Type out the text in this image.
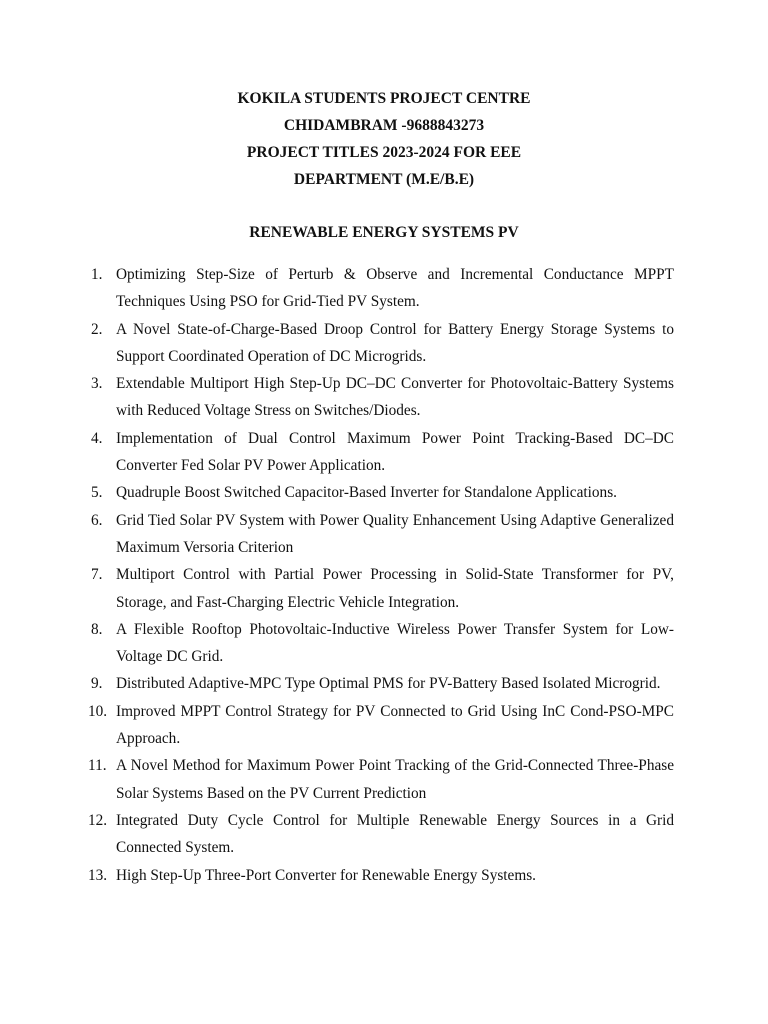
KOKILA STUDENTS PROJECT CENTRE

CHIDAMBRAM -9688843273

PROJECT TITLES 2023-2024 FOR EEE

DEPARTMENT (M.E/B.E)

RENEWABLE ENERGY SYSTEMS PV

1. Optimizing Step-Size of Perturb & Observe and Incremental Conductance MPPT Techniques Using PSO for Grid-Tied PV System.
2. A Novel State-of-Charge-Based Droop Control for Battery Energy Storage Systems to Support Coordinated Operation of DC Microgrids.
3. Extendable Multiport High Step-Up DC–DC Converter for Photovoltaic-Battery Systems with Reduced Voltage Stress on Switches/Diodes.
4. Implementation of Dual Control Maximum Power Point Tracking-Based DC–DC Converter Fed Solar PV Power Application.
5. Quadruple Boost Switched Capacitor-Based Inverter for Standalone Applications.
6. Grid Tied Solar PV System with Power Quality Enhancement Using Adaptive Generalized Maximum Versoria Criterion
7. Multiport Control with Partial Power Processing in Solid-State Transformer for PV, Storage, and Fast-Charging Electric Vehicle Integration.
8. A Flexible Rooftop Photovoltaic-Inductive Wireless Power Transfer System for Low-Voltage DC Grid.
9. Distributed Adaptive-MPC Type Optimal PMS for PV-Battery Based Isolated Microgrid.
10. Improved MPPT Control Strategy for PV Connected to Grid Using InC Cond-PSO-MPC Approach.
11. A Novel Method for Maximum Power Point Tracking of the Grid-Connected Three-Phase Solar Systems Based on the PV Current Prediction
12. Integrated Duty Cycle Control for Multiple Renewable Energy Sources in a Grid Connected System.
13. High Step-Up Three-Port Converter for Renewable Energy Systems.
